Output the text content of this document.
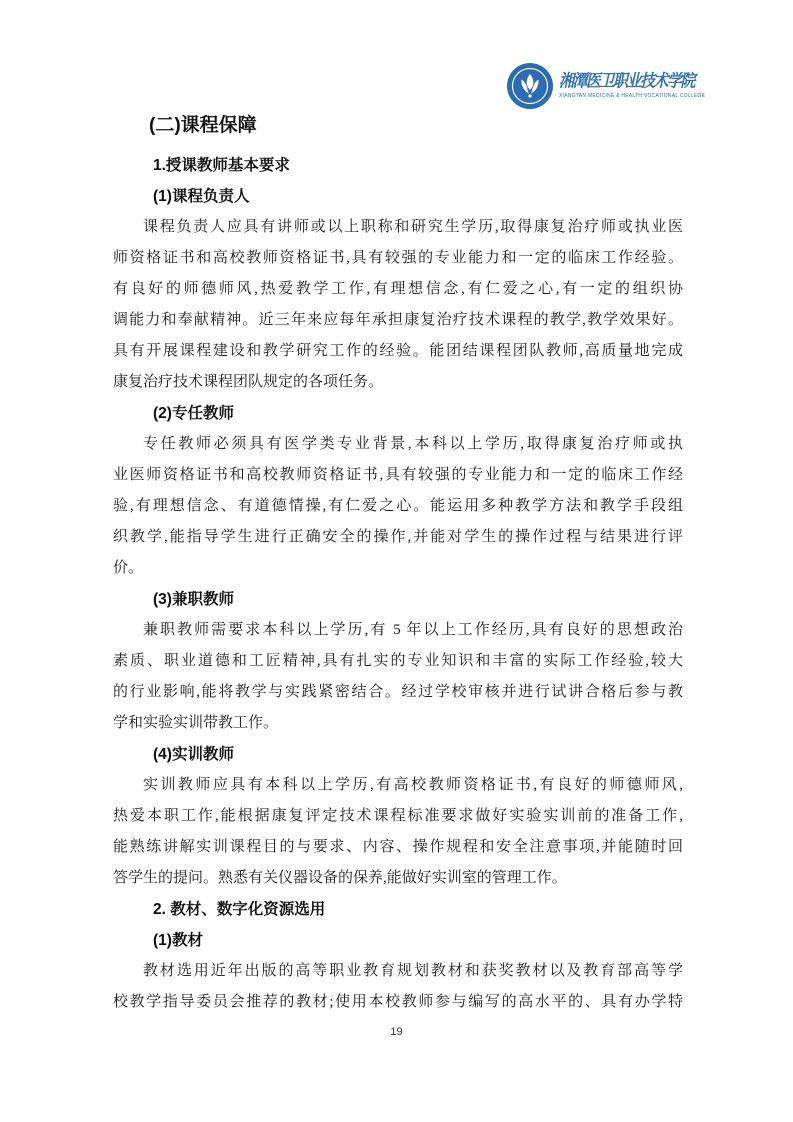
湘潭医卫职业技术学院
XIANGTAN MEDICINE & HEALTH VOCATIONAL COLLEGE
(二)课程保障
1.授课教师基本要求
(1)课程负责人
课程负责人应具有讲师或以上职称和研究生学历,取得康复治疗师或执业医
师资格证书和高校教师资格证书,具有较强的专业能力和一定的临床工作经验。
有良好的师德师风,热爱教学工作,有理想信念,有仁爱之心,有一定的组织协
调能力和奉献精神。近三年来应每年承担康复治疗技术课程的教学,教学效果好。
具有开展课程建设和教学研究工作的经验。能团结课程团队教师,高质量地完成
康复治疗技术课程团队规定的各项任务。
(2)专任教师
专任教师必须具有医学类专业背景,本科以上学历,取得康复治疗师或执
业医师资格证书和高校教师资格证书,具有较强的专业能力和一定的临床工作经
验,有理想信念、有道德情操,有仁爱之心。能运用多种教学方法和教学手段组
织教学,能指导学生进行正确安全的操作,并能对学生的操作过程与结果进行评
价。
(3)兼职教师
兼职教师需要求本科以上学历,有 5 年以上工作经历,具有良好的思想政治
素质、职业道德和工匠精神,具有扎实的专业知识和丰富的实际工作经验,较大
的行业影响,能将教学与实践紧密结合。经过学校审核并进行试讲合格后参与教
学和实验实训带教工作。
(4)实训教师
实训教师应具有本科以上学历,有高校教师资格证书,有良好的师德师风,
热爱本职工作,能根据康复评定技术课程标准要求做好实验实训前的准备工作,
能熟练讲解实训课程目的与要求、内容、操作规程和安全注意事项,并能随时回
答学生的提问。熟悉有关仪器设备的保养,能做好实训室的管理工作。
2. 教材、数字化资源选用
(1)教材
教材选用近年出版的高等职业教育规划教材和获奖教材以及教育部高等学
校教学指导委员会推荐的教材;使用本校教师参与编写的高水平的、具有办学特
19
